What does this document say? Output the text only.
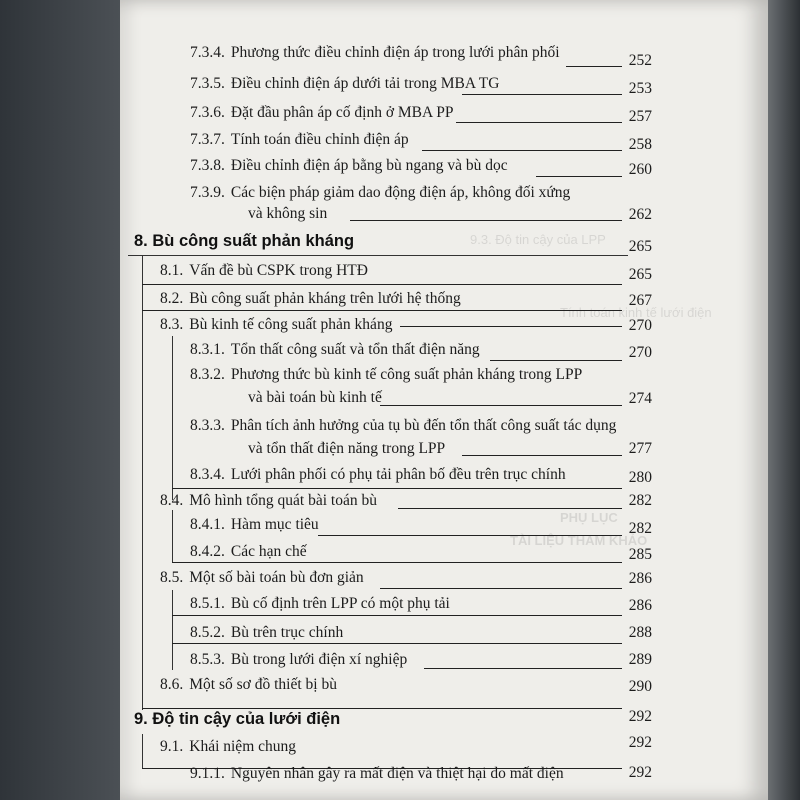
9.3. Độ tin cậy của LPP
Tính toán kinh tế lưới điện
PHỤ LỤC
TÀI LIỆU THAM KHẢO
7.3.4. Phương thức điều chỉnh điện áp trong lưới phân phối	252
7.3.5. Điều chỉnh điện áp dưới tải trong MBA TG	253
7.3.6. Đặt đầu phân áp cố định ở MBA PP	257
7.3.7. Tính toán điều chỉnh điện áp	258
7.3.8. Điều chỉnh điện áp bằng bù ngang và bù dọc	260
7.3.9. Các biện pháp giảm dao động điện áp, không đối xứng
và không sin	262
8. Bù công suất phản kháng	265
8.1. Vấn đề bù CSPK trong HTĐ	265
8.2. Bù công suất phản kháng trên lưới hệ thống	267
8.3. Bù kinh tế công suất phản kháng	270
8.3.1. Tổn thất công suất và tổn thất điện năng	270
8.3.2. Phương thức bù kinh tế công suất phản kháng trong LPP
và bài toán bù kinh tế	274
8.3.3. Phân tích ảnh hưởng của tụ bù đến tổn thất công suất tác dụng
và tổn thất điện năng trong LPP	277
8.3.4. Lưới phân phối có phụ tải phân bố đều trên trục chính	280
8.4. Mô hình tổng quát bài toán bù	282
8.4.1. Hàm mục tiêu	282
8.4.2. Các hạn chế	285
8.5. Một số bài toán bù đơn giản	286
8.5.1. Bù cố định trên LPP có một phụ tải	286
8.5.2. Bù trên trục chính	288
8.5.3. Bù trong lưới điện xí nghiệp	289
8.6. Một số sơ đồ thiết bị bù	290
9. Độ tin cậy của lưới điện	292
9.1. Khái niệm chung	292
9.1.1. Nguyên nhân gây ra mất điện và thiệt hại do mất điện	292
